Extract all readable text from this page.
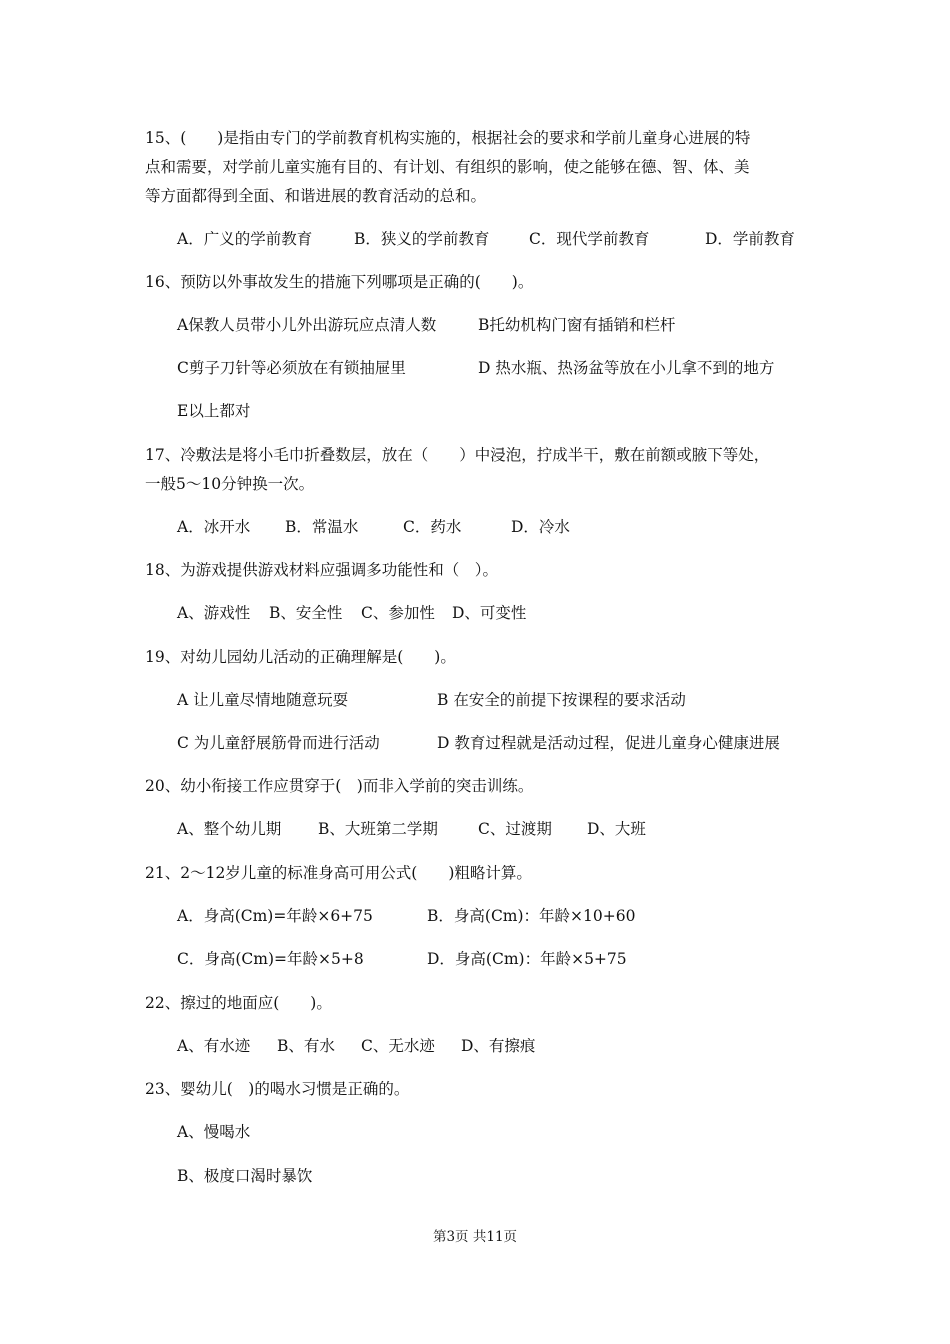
15、(　　)是指由专门的学前教育机构实施的，根据社会的要求和学前儿童身心进展的特
点和需要，对学前儿童实施有目的、有计划、有组织的影响，使之能够在德、智、体、美
等方面都得到全面、和谐进展的教育活动的总和。
A．广义的学前教育	B．狭义的学前教育	C．现代学前教育	D．学前教育
16、预防以外事故发生的措施下列哪项是正确的(　　)。
A保教人员带小儿外出游玩应点清人数	B托幼机构门窗有插销和栏杆
C剪子刀针等必须放在有锁抽屉里	D 热水瓶、热汤盆等放在小儿拿不到的地方
E以上都对
17、冷敷法是将小毛巾折叠数层，放在（　　）中浸泡，拧成半干，敷在前额或腋下等处，
一般5～10分钟换一次。
A．冰开水 B．常温水	C．药水	D．冷水
18、为游戏提供游戏材料应强调多功能性和（　）。
A、游戏性 B、安全性 C、参加性 D、可变性
19、对幼儿园幼儿活动的正确理解是(　　)。
A 让儿童尽情地随意玩耍	B 在安全的前提下按课程的要求活动
C 为儿童舒展筋骨而进行活动	D 教育过程就是活动过程，促进儿童身心健康进展
20、幼小衔接工作应贯穿于(　)而非入学前的突击训练。
A、整个幼儿期 B、大班第二学期	C、过渡期 D、大班
21、2～12岁儿童的标准身高可用公式(　　)粗略计算。
A．身高(Cm)=年龄×6+75	B．身高(Cm)：年龄×10+60
C．身高(Cm)=年龄×5+8	D．身高(Cm)：年龄×5+75
22、擦过的地面应(　　)。
A、有水迹 B、有水 C、无水迹 D、有擦痕
23、婴幼儿(　)的喝水习惯是正确的。
A、慢喝水
B、极度口渴时暴饮
第3页 共11页
